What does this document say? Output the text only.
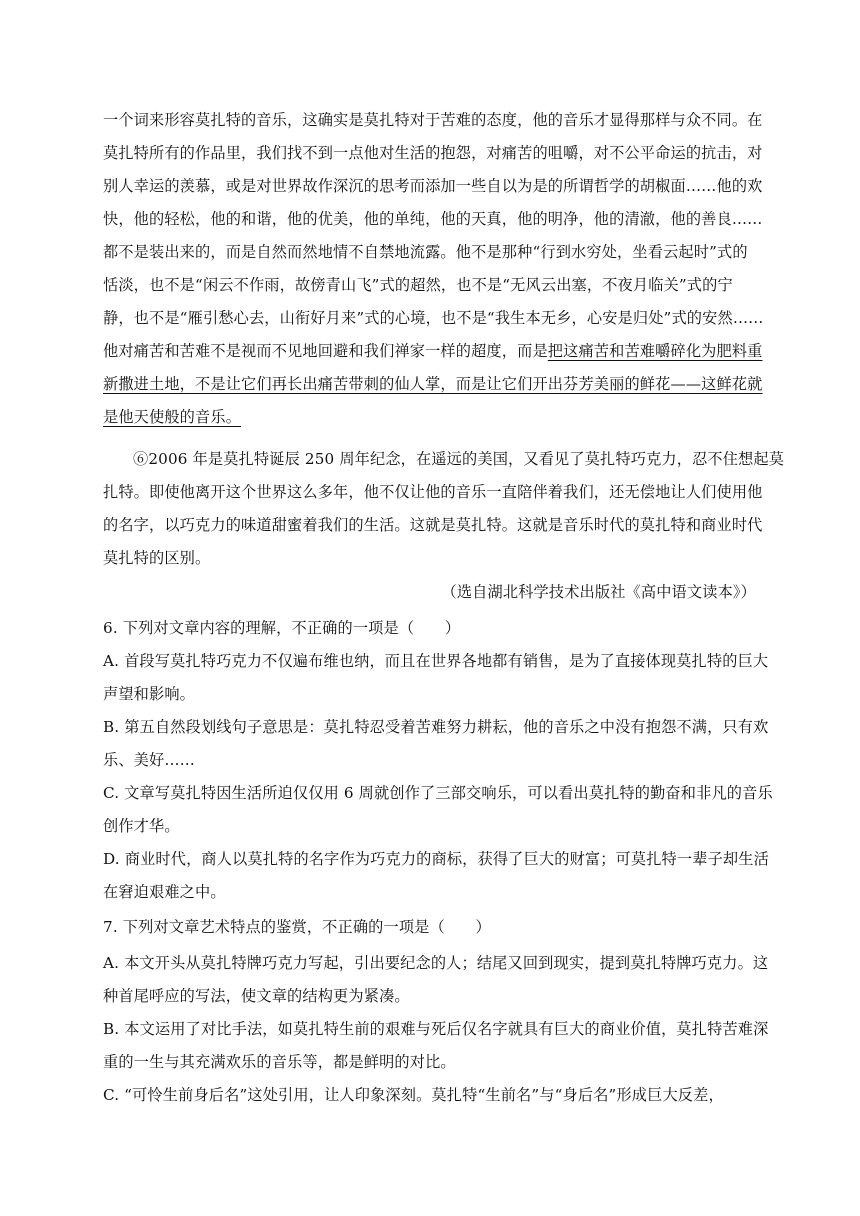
一个词来形容莫扎特的音乐，这确实是莫扎特对于苦难的态度，他的音乐才显得那样与众不同。在
莫扎特所有的作品里，我们找不到一点他对生活的抱怨，对痛苦的咀嚼，对不公平命运的抗击，对
别人幸运的羡慕，或是对世界故作深沉的思考而添加一些自以为是的所谓哲学的胡椒面……他的欢
快，他的轻松，他的和谐，他的优美，他的单纯，他的天真，他的明净，他的清澈，他的善良……
都不是装出来的，而是自然而然地情不自禁地流露。他不是那种“行到水穷处，坐看云起时”式的
恬淡，也不是“闲云不作雨，故傍青山飞”式的超然，也不是“无风云出塞，不夜月临关”式的宁
静，也不是“雁引愁心去，山衔好月来”式的心境，也不是“我生本无乡，心安是归处”式的安然……
他对痛苦和苦难不是视而不见地回避和我们禅家一样的超度，而是把这痛苦和苦难嚼碎化为肥料重
新撒进土地，不是让它们再长出痛苦带刺的仙人掌，而是让它们开出芬芳美丽的鲜花——这鲜花就
是他天使般的音乐。
⑥2006 年是莫扎特诞辰 250 周年纪念，在遥远的美国，又看见了莫扎特巧克力，忍不住想起莫
扎特。即使他离开这个世界这么多年，他不仅让他的音乐一直陪伴着我们，还无偿地让人们使用他
的名字，以巧克力的味道甜蜜着我们的生活。这就是莫扎特。这就是音乐时代的莫扎特和商业时代
莫扎特的区别。
（选自湖北科学技术出版社《高中语文读本》）
6. 下列对文章内容的理解，不正确的一项是（　　）
A. 首段写莫扎特巧克力不仅遍布维也纳，而且在世界各地都有销售，是为了直接体现莫扎特的巨大
声望和影响。
B. 第五自然段划线句子意思是：莫扎特忍受着苦难努力耕耘，他的音乐之中没有抱怨不满，只有欢
乐、美好……
C. 文章写莫扎特因生活所迫仅仅用 6 周就创作了三部交响乐，可以看出莫扎特的勤奋和非凡的音乐
创作才华。
D. 商业时代，商人以莫扎特的名字作为巧克力的商标，获得了巨大的财富；可莫扎特一辈子却生活
在窘迫艰难之中。
7. 下列对文章艺术特点的鉴赏，不正确的一项是（　　）
A. 本文开头从莫扎特牌巧克力写起，引出要纪念的人；结尾又回到现实，提到莫扎特牌巧克力。这
种首尾呼应的写法，使文章的结构更为紧凑。
B. 本文运用了对比手法，如莫扎特生前的艰难与死后仅名字就具有巨大的商业价值，莫扎特苦难深
重的一生与其充满欢乐的音乐等，都是鲜明的对比。
C. “可怜生前身后名”这处引用，让人印象深刻。莫扎特“生前名”与“身后名”形成巨大反差，
